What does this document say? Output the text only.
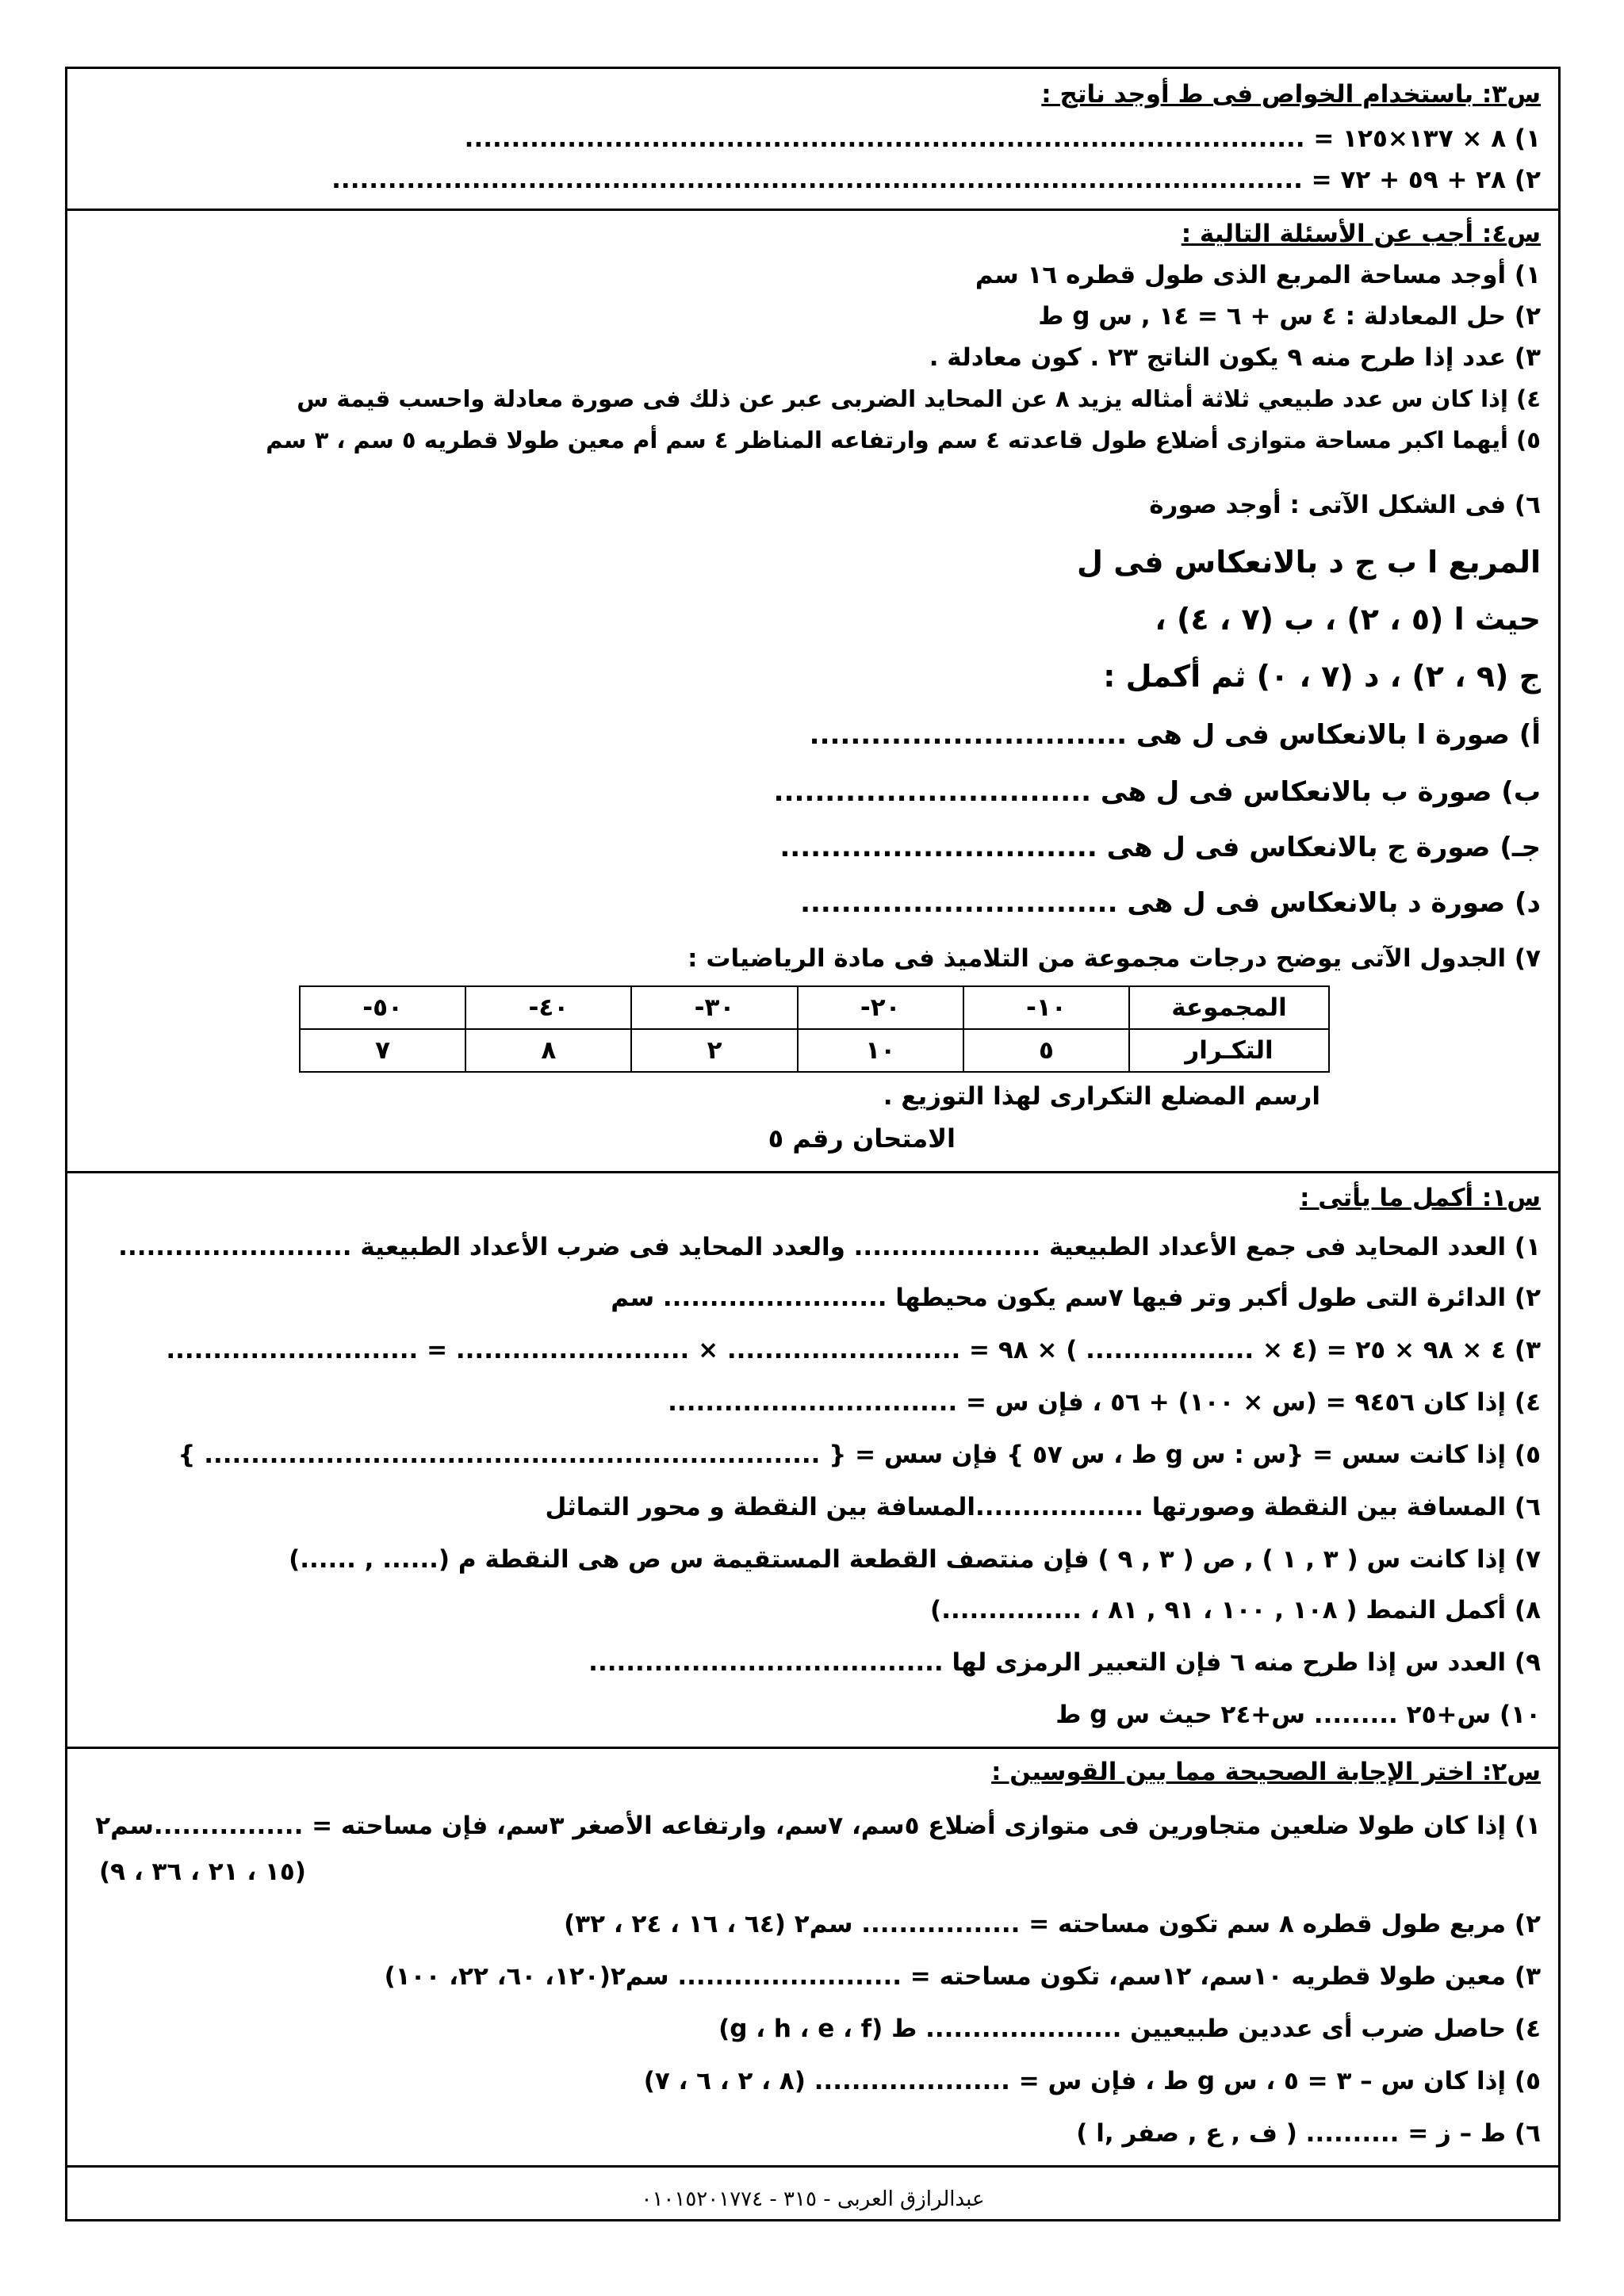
س٣: باستخدام الخواص فى ط أوجد ناتج :
١) ٨ × ١٣٧×١٢٥ = ..........................................................................................
٢) ٢٨ + ٥٩ + ٧٢ = ........................................................................................................
س٤: أجب عن الأسئلة التالية :
١) أوجد مساحة المربع الذى طول قطره ١٦ سم
٢) حل المعادلة : ٤ س + ٦ = ١٤ , س g ط
٣) عدد إذا طرح منه ٩ يكون الناتج ٢٣ . كون معادلة .
٤) إذا كان س عدد طبيعي ثلاثة أمثاله يزيد ٨ عن المحايد الضربى عبر عن ذلك فى صورة معادلة واحسب قيمة س
٥) أيهما اكبر مساحة متوازى أضلاع طول قاعدته ٤ سم وارتفاعه المناظر ٤ سم أم معين طولا قطريه ٥ سم ، ٣ سم
٦) فى الشكل الآتى : أوجد صورة
المربع ا ب ج د بالانعكاس فى ل
حيث ا (٥ ، ٢) ، ب (٧ ، ٤) ،
ج (٩ ، ٢) ، د (٧ ، ٠) ثم أكمل :
أ) صورة ا بالانعكاس فى ل هى ...............................
ب) صورة ب بالانعكاس فى ل هى ...............................
جـ) صورة ج بالانعكاس فى ل هى ...............................
د) صورة د بالانعكاس فى ل هى ...............................
٧) الجدول الآتى يوضح درجات مجموعة من التلاميذ فى مادة الرياضيات :
المجموعة	١٠-	٢٠-	٣٠-	٤٠-	٥٠-
التكـرار	٥	١٠	٢	٨	٧
ارسم المضلع التكرارى لهذا التوزيع .
الامتحان رقم ٥
س١: أكمل ما يأتى :
١) العدد المحايد فى جمع الأعداد الطبيعية .................... والعدد المحايد فى ضرب الأعداد الطبيعية .........................
٢) الدائرة التى طول أكبر وتر فيها ٧سم يكون محيطها ........................ سم
٣) ٤ × ٩٨ × ٢٥ = (٤ × .................. ) × ٩٨ = ......................... × ......................... = ...........................
٤) إذا كان ٩٤٥٦ = (س × ١٠٠) + ٥٦ ، فإن س = ...............................
٥) إذا كانت سس = {س : س g ط ، س ٥٧ } فإن سس = { .................................................................. }
٦) المسافة بين النقطة وصورتها ..................المسافة بين النقطة و محور التماثل
٧) إذا كانت س ( ٣ , ١ ) , ص ( ٣ , ٩ ) فإن منتصف القطعة المستقيمة س ص هى النقطة م (...... , ......)
٨) أكمل النمط ( ١٠٨ , ١٠٠ ، ٩١ , ٨١ ، ...............)
٩) العدد س إذا طرح منه ٦ فإن التعبير الرمزى لها ......................................
١٠) س+٢٥ ......... س+٢٤ حيث س g ط
س٢: اختر الإجابة الصحيحة مما بين القوسين :
١) إذا كان طولا ضلعين متجاورين فى متوازى أضلاع ٥سم، ٧سم، وارتفاعه الأصغر ٣سم، فإن مساحته = ................سم٢
(١٥ ، ٢١ ، ٣٦ ، ٩)
٢) مربع طول قطره ٨ سم تكون مساحته = ................. سم٢ (٦٤ ، ١٦ ، ٢٤ ، ٣٢)
٣) معين طولا قطريه ١٠سم، ١٢سم، تكون مساحته = ........................ سم٢(١٢٠، ٦٠، ٢٢، ١٠٠)
٤) حاصل ضرب أى عددين طبيعيين ..................... ط (g ، h ، e ، f)
٥) إذا كان س – ٣ = ٥ ، س g ط ، فإن س = ..................... (٨ ، ٢ ، ٦ ، ٧)
٦) ط – ز = .......... ( ف , ع , صفر ,ا )
عبدالرازق العربى - ٣١٥ - ٠١٠١٥٢٠١٧٧٤
